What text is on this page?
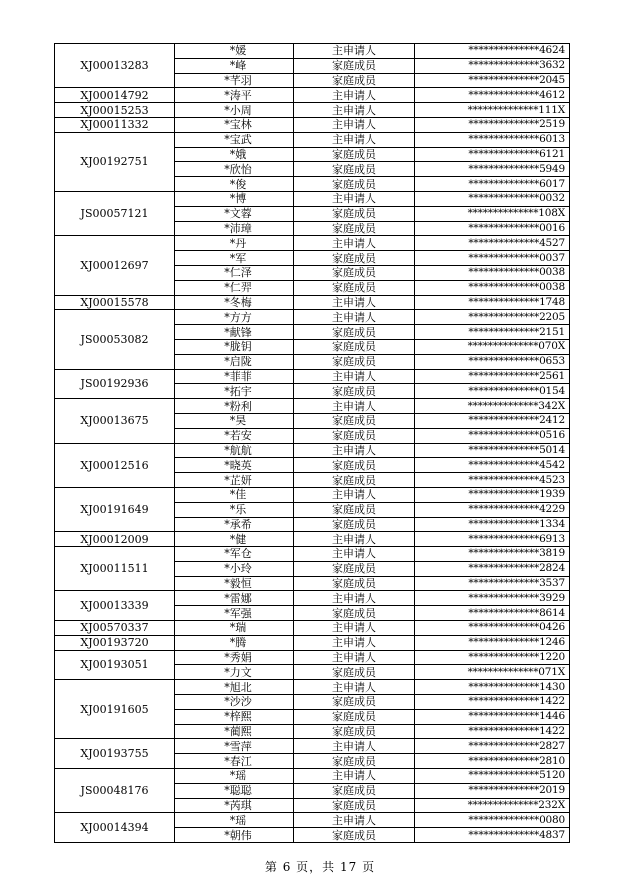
XJ00013283	*媛	主申请人	**************4624
	*峰	家庭成员	**************3632
	*芊羽	家庭成员	**************2045
XJ00014792	*涛平	主申请人	**************4612
XJ00015253	*小周	主申请人	**************111X
XJ00011332	*宝林	主申请人	**************2519
XJ00192751	*宝武	主申请人	**************6013
	*娥	家庭成员	**************6121
	*欣怡	家庭成员	**************5949
	*俊	家庭成员	**************6017
JS00057121	*博	主申请人	**************0032
	*文蓉	家庭成员	**************108X
	*沛璋	家庭成员	**************0016
XJ00012697	*丹	主申请人	**************4527
	*军	家庭成员	**************0037
	*仁泽	家庭成员	**************0038
	*仁羿	家庭成员	**************0038
XJ00015578	*冬梅	主申请人	**************1748
JS00053082	*方方	主申请人	**************2205
	*献锋	家庭成员	**************2151
	*胧钥	家庭成员	**************070X
	*启陇	家庭成员	**************0653
JS00192936	*菲菲	主申请人	**************2561
	*拓宇	家庭成员	**************0154
XJ00013675	*粉利	主申请人	**************342X
	*昊	家庭成员	**************2412
	*若安	家庭成员	**************0516
XJ00012516	*航航	主申请人	**************5014
	*晓英	家庭成员	**************4542
	*芷妍	家庭成员	**************4523
XJ00191649	*佳	主申请人	**************1939
	*乐	家庭成员	**************4229
	*承希	家庭成员	**************1334
XJ00012009	*健	主申请人	**************6913
XJ00011511	*军仓	主申请人	**************3819
	*小玲	家庭成员	**************2824
	*毅恒	家庭成员	**************3537
XJ00013339	*雷娜	主申请人	**************3929
	*军强	家庭成员	**************8614
XJ00570337	*瑞	主申请人	**************0426
XJ00193720	*腾	主申请人	**************1246
XJ00193051	*秀娟	主申请人	**************1220
	*力文	家庭成员	**************071X
XJ00191605	*旭北	主申请人	**************1430
	*沙沙	家庭成员	**************1422
	*梓熙	家庭成员	**************1446
	*蔺熙	家庭成员	**************1422
XJ00193755	*雪萍	主申请人	**************2827
	*春江	家庭成员	**************2810
JS00048176	*瑶	主申请人	**************5120
	*聪聪	家庭成员	**************2019
	*芮琪	家庭成员	**************232X
XJ00014394	*瑶	主申请人	**************0080
	*朝伟	家庭成员	**************4837
第 6 页，共 17 页
